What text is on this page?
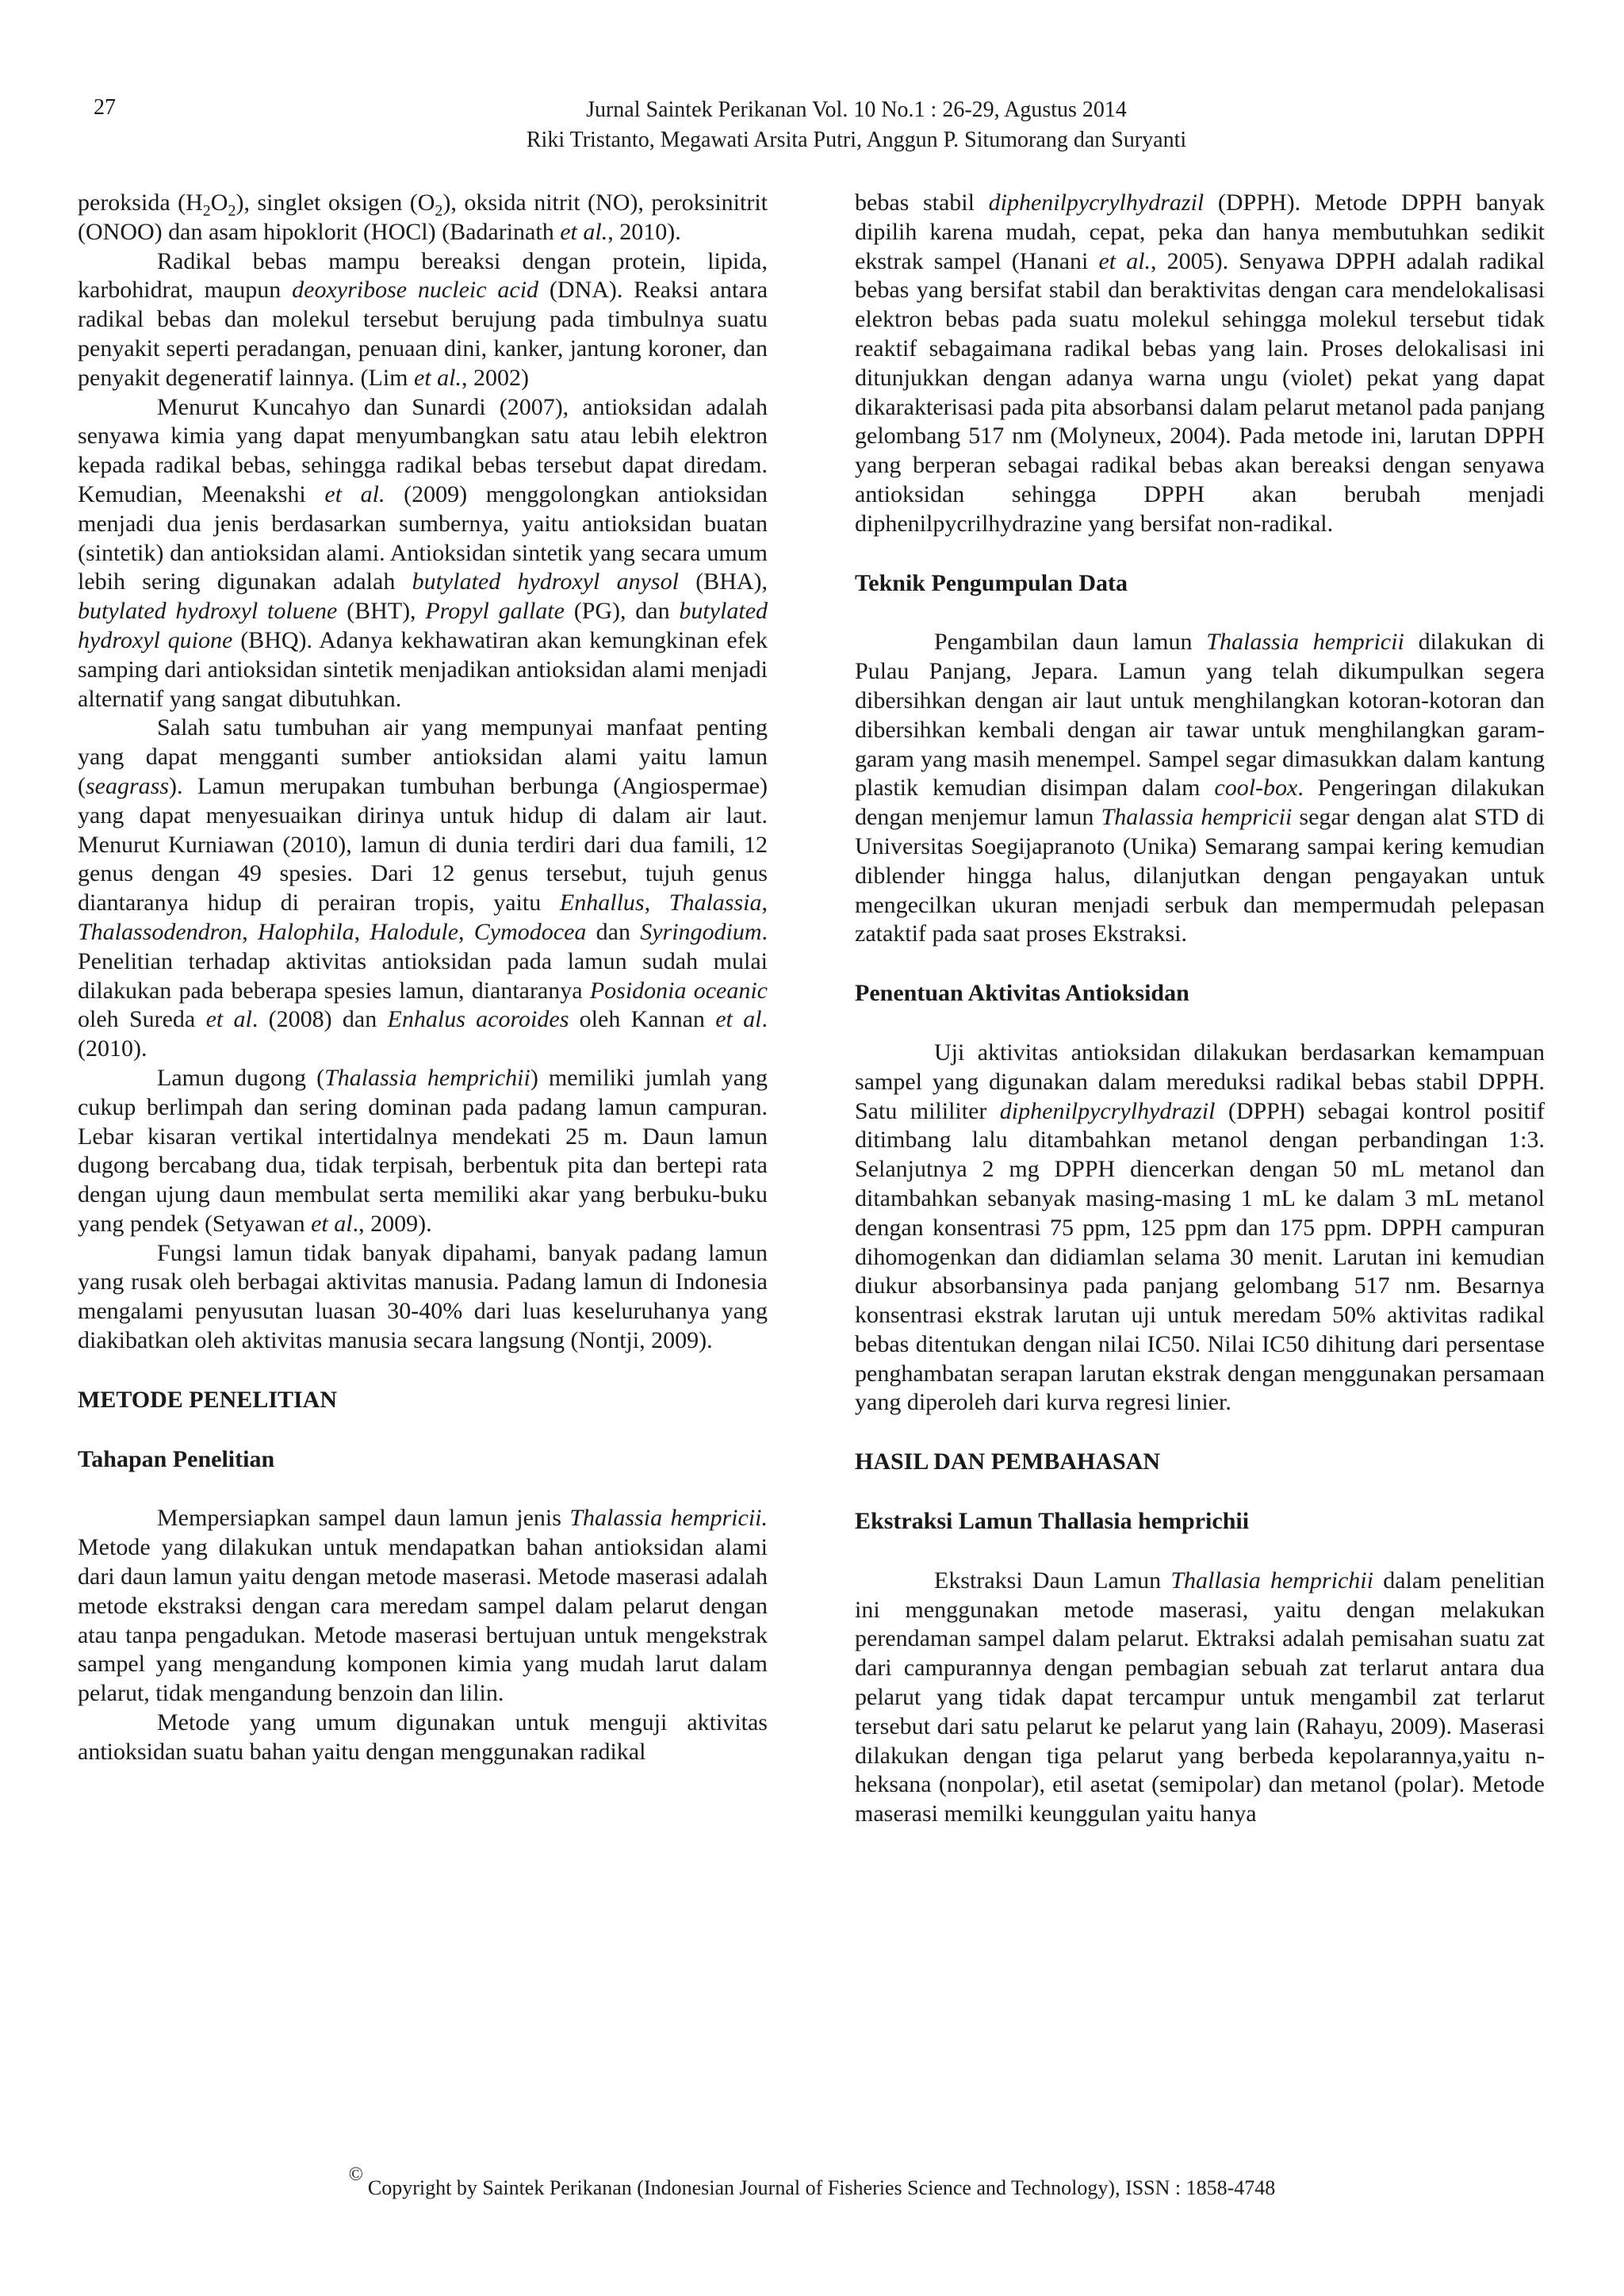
27	Jurnal Saintek Perikanan Vol. 10 No.1 : 26-29, Agustus 2014
Riki Tristanto, Megawati Arsita Putri, Anggun P. Situmorang dan Suryanti

peroksida $(H_2O_2)$, singlet oksigen $(O_2)$, oksida nitrit (NO), peroksinitrit (ONOO) dan asam hipoklorit (HOCl) (Badarinath et al., 2010).

Radikal bebas mampu bereaksi dengan protein, lipida, karbohidrat, maupun deoxyribose nucleic acid (DNA). Reaksi antara radikal bebas dan molekul tersebut berujung pada timbulnya suatu penyakit seperti peradangan, penuaan dini, kanker, jantung koroner, dan penyakit degeneratif lainnya. (Lim et al., 2002)

Menurut Kuncahyo dan Sunardi (2007), antioksidan adalah senyawa kimia yang dapat menyumbangkan satu atau lebih elektron kepada radikal bebas, sehingga radikal bebas tersebut dapat diredam. Kemudian, Meenakshi et al. (2009) menggolongkan antioksidan menjadi dua jenis berdasarkan sumbernya, yaitu antioksidan buatan (sintetik) dan antioksidan alami. Antioksidan sintetik yang secara umum lebih sering digunakan adalah butylated hydroxyl anysol (BHA), butylated hydroxyl toluene (BHT), Propyl gallate (PG), dan butylated hydroxyl quione (BHQ). Adanya kekhawatiran akan kemungkinan efek samping dari antioksidan sintetik menjadikan antioksidan alami menjadi alternatif yang sangat dibutuhkan.

Salah satu tumbuhan air yang mempunyai manfaat penting yang dapat mengganti sumber antioksidan alami yaitu lamun (seagrass). Lamun merupakan tumbuhan berbunga (Angiospermae) yang dapat menyesuaikan dirinya untuk hidup di dalam air laut. Menurut Kurniawan (2010), lamun di dunia terdiri dari dua famili, 12 genus dengan 49 spesies. Dari 12 genus tersebut, tujuh genus diantaranya hidup di perairan tropis, yaitu Enhallus, Thalassia, Thalassodendron, Halophila, Halodule, Cymodocea dan Syringodium. Penelitian terhadap aktivitas antioksidan pada lamun sudah mulai dilakukan pada beberapa spesies lamun, diantaranya Posidonia oceanic oleh Sureda et al. (2008) dan Enhalus acoroides oleh Kannan et al. (2010).

Lamun dugong (Thalassia hemprichii) memiliki jumlah yang cukup berlimpah dan sering dominan pada padang lamun campuran. Lebar kisaran vertikal intertidalnya mendekati 25 m. Daun lamun dugong bercabang dua, tidak terpisah, berbentuk pita dan bertepi rata dengan ujung daun membulat serta memiliki akar yang berbuku-buku yang pendek (Setyawan et al., 2009).

Fungsi lamun tidak banyak dipahami, banyak padang lamun yang rusak oleh berbagai aktivitas manusia. Padang lamun di Indonesia mengalami penyusutan luasan 30-40% dari luas keseluruhanya yang diakibatkan oleh aktivitas manusia secara langsung (Nontji, 2009).

METODE PENELITIAN
Tahapan Penelitian

Mempersiapkan sampel daun lamun jenis Thalassia hempricii. Metode yang dilakukan untuk mendapatkan bahan antioksidan alami dari daun lamun yaitu dengan metode maserasi. Metode maserasi adalah metode ekstraksi dengan cara meredam sampel dalam pelarut dengan atau tanpa pengadukan. Metode maserasi bertujuan untuk mengekstrak sampel yang mengandung komponen kimia yang mudah larut dalam pelarut, tidak mengandung benzoin dan lilin.

Metode yang umum digunakan untuk menguji aktivitas antioksidan suatu bahan yaitu dengan menggunakan radikal

bebas stabil diphenilpycrylhydrazil (DPPH). Metode DPPH banyak dipilih karena mudah, cepat, peka dan hanya membutuhkan sedikit ekstrak sampel (Hanani et al., 2005). Senyawa DPPH adalah radikal bebas yang bersifat stabil dan beraktivitas dengan cara mendelokalisasi elektron bebas pada suatu molekul sehingga molekul tersebut tidak reaktif sebagaimana radikal bebas yang lain. Proses delokalisasi ini ditunjukkan dengan adanya warna ungu (violet) pekat yang dapat dikarakterisasi pada pita absorbansi dalam pelarut metanol pada panjang gelombang 517 nm (Molyneux, 2004). Pada metode ini, larutan DPPH yang berperan sebagai radikal bebas akan bereaksi dengan senyawa antioksidan sehingga DPPH akan berubah menjadi diphenilpycrilhydrazine yang bersifat non-radikal.

Teknik Pengumpulan Data

Pengambilan daun lamun Thalassia hempricii dilakukan di Pulau Panjang, Jepara. Lamun yang telah dikumpulkan segera dibersihkan dengan air laut untuk menghilangkan kotoran-kotoran dan dibersihkan kembali dengan air tawar untuk menghilangkan garam-garam yang masih menempel. Sampel segar dimasukkan dalam kantung plastik kemudian disimpan dalam cool-box. Pengeringan dilakukan dengan menjemur lamun Thalassia hempricii segar dengan alat STD di Universitas Soegijapranoto (Unika) Semarang sampai kering kemudian diblender hingga halus, dilanjutkan dengan pengayakan untuk mengecilkan ukuran menjadi serbuk dan mempermudah pelepasan zataktif pada saat proses Ekstraksi.

Penentuan Aktivitas Antioksidan

Uji aktivitas antioksidan dilakukan berdasarkan kemampuan sampel yang digunakan dalam mereduksi radikal bebas stabil DPPH. Satu mililiter diphenilpycrylhydrazil (DPPH) sebagai kontrol positif ditimbang lalu ditambahkan metanol dengan perbandingan 1:3. Selanjutnya 2 mg DPPH diencerkan dengan 50 mL metanol dan ditambahkan sebanyak masing-masing 1 mL ke dalam 3 mL metanol dengan konsentrasi 75 ppm, 125 ppm dan 175 ppm. DPPH campuran dihomogenkan dan didiamlan selama 30 menit. Larutan ini kemudian diukur absorbansinya pada panjang gelombang 517 nm. Besarnya konsentrasi ekstrak larutan uji untuk meredam 50% aktivitas radikal bebas ditentukan dengan nilai IC50. Nilai IC50 dihitung dari persentase penghambatan serapan larutan ekstrak dengan menggunakan persamaan yang diperoleh dari kurva regresi linier.

HASIL DAN PEMBAHASAN
Ekstraksi Lamun Thallasia hemprichii

Ekstraksi Daun Lamun Thallasia hemprichii dalam penelitian ini menggunakan metode maserasi, yaitu dengan melakukan perendaman sampel dalam pelarut. Ektraksi adalah pemisahan suatu zat dari campurannya dengan pembagian sebuah zat terlarut antara dua pelarut yang tidak dapat tercampur untuk mengambil zat terlarut tersebut dari satu pelarut ke pelarut yang lain (Rahayu, 2009). Maserasi dilakukan dengan tiga pelarut yang berbeda kepolarannya,yaitu n-heksana (nonpolar), etil asetat (semipolar) dan metanol (polar). Metode maserasi memilki keunggulan yaitu hanya

©Copyright by Saintek Perikanan (Indonesian Journal of Fisheries Science and Technology), ISSN : 1858-4748
